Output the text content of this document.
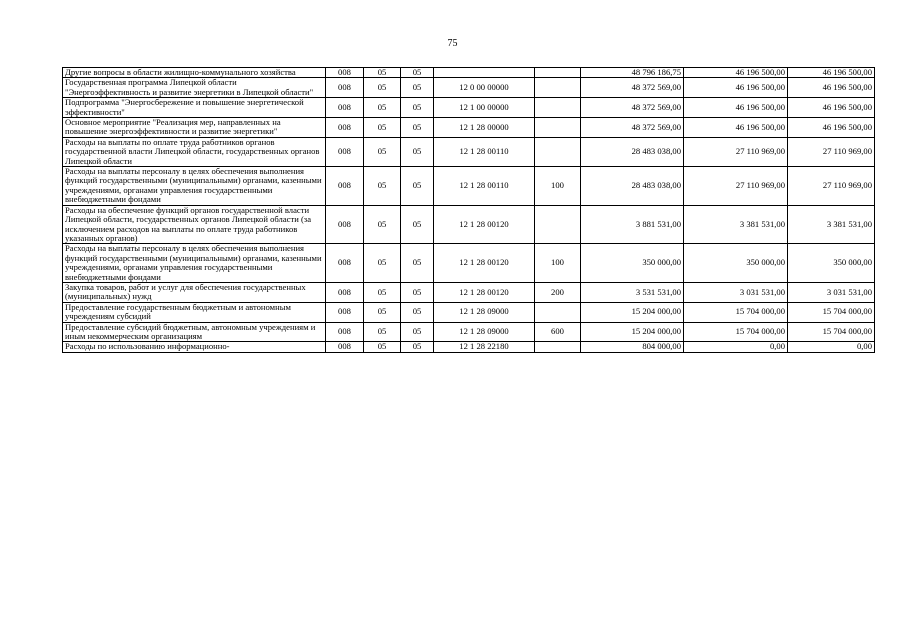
75
Другие вопросы в области жилищно-коммунального хозяйства	008	05	05			48 796 186,75	46 196 500,00	46 196 500,00
Государственная программа Липецкой области "Энергоэффективность и развитие энергетики в Липецкой области"	008	05	05	12 0 00 00000		48 372 569,00	46 196 500,00	46 196 500,00
Подпрограмма "Энергосбережение и повышение энергетической эффективности"	008	05	05	12 1 00 00000		48 372 569,00	46 196 500,00	46 196 500,00
Основное мероприятие "Реализация мер, направленных на повышение энергоэффективности и развитие энергетики"	008	05	05	12 1 28 00000		48 372 569,00	46 196 500,00	46 196 500,00
Расходы на выплаты по оплате труда работников органов государственной власти Липецкой области, государственных органов Липецкой области	008	05	05	12 1 28 00110		28 483 038,00	27 110 969,00	27 110 969,00
Расходы на выплаты персоналу в целях обеспечения выполнения функций государственными (муниципальными) органами, казенными учреждениями, органами управления государственными внебюджетными фондами	008	05	05	12 1 28 00110	100	28 483 038,00	27 110 969,00	27 110 969,00
Расходы на обеспечение функций органов государственной власти Липецкой области, государственных органов Липецкой области (за исключением расходов на выплаты по оплате труда работников указанных органов)	008	05	05	12 1 28 00120		3 881 531,00	3 381 531,00	3 381 531,00
Расходы на выплаты персоналу в целях обеспечения выполнения функций государственными (муниципальными) органами, казенными учреждениями, органами управления государственными внебюджетными фондами	008	05	05	12 1 28 00120	100	350 000,00	350 000,00	350 000,00
Закупка товаров, работ и услуг для обеспечения государственных (муниципальных) нужд	008	05	05	12 1 28 00120	200	3 531 531,00	3 031 531,00	3 031 531,00
Предоставление государственным бюджетным и автономным учреждениям субсидий	008	05	05	12 1 28 09000		15 204 000,00	15 704 000,00	15 704 000,00
Предоставление субсидий бюджетным, автономным учреждениям и иным некоммерческим организациям	008	05	05	12 1 28 09000	600	15 204 000,00	15 704 000,00	15 704 000,00
Расходы по использованию информационно-	008	05	05	12 1 28 22180		804 000,00	0,00	0,00
